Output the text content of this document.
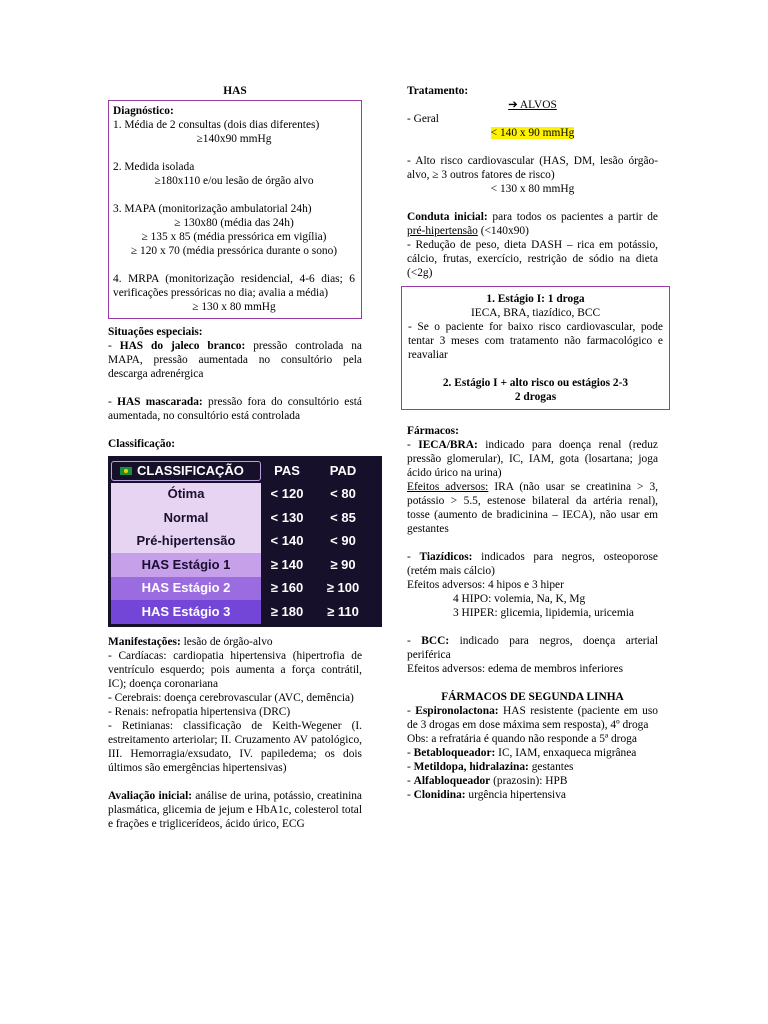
HAS

Diagnóstico:

1. Média de 2 consultas (dois dias diferentes)

≥140x90 mmHg

2. Medida isolada

≥180x110 e/ou lesão de órgão alvo

3. MAPA (monitorização ambulatorial 24h)

≥ 130x80 (média das 24h)

≥ 135 x 85 (média pressórica em vigília)

≥ 120 x 70 (média pressórica durante o sono)

4. MRPA (monitorização residencial, 4-6 dias; 6 verificações pressóricas no dia; avalia a média)

≥ 130 x 80 mmHg

Situações especiais:

- HAS do jaleco branco: pressão controlada na MAPA, pressão aumentada no consultório pela descarga adrenérgica

- HAS mascarada: pressão fora do consultório está aumentada, no consultório está controlada

Classificação:

CLASSIFICAÇÃO	PAS	PAD
Ótima	< 120	< 80
Normal	< 130	< 85
Pré-hipertensão	< 140	< 90
HAS Estágio 1	≥ 140	≥ 90
HAS Estágio 2	≥ 160	≥ 100
HAS Estágio 3	≥ 180	≥ 110

Manifestações: lesão de órgão-alvo

- Cardíacas: cardiopatia hipertensiva (hipertrofia de ventrículo esquerdo; pois aumenta a força contrátil, IC); doença coronariana

- Cerebrais: doença cerebrovascular (AVC, demência)

- Renais: nefropatia hipertensiva (DRC)

- Retinianas: classificação de Keith-Wegener (I. estreitamento arteriolar; II. Cruzamento AV patológico, III. Hemorragia/exsudato, IV. papiledema; os dois últimos são emergências hipertensivas)

Avaliação inicial: análise de urina, potássio, creatinina plasmática, glicemia de jejum e HbA1c, colesterol total e frações e triglicerídeos, ácido úrico, ECG

Tratamento:

➔ ALVOS

- Geral

< 140 x 90 mmHg

- Alto risco cardiovascular (HAS, DM, lesão órgão-alvo, ≥ 3 outros fatores de risco)

< 130 x 80 mmHg

Conduta inicial: para todos os pacientes a partir de pré-hipertensão (<140x90)

- Redução de peso, dieta DASH – rica em potássio, cálcio, frutas, exercício, restrição de sódio na dieta (<2g)

1. Estágio I: 1 droga

IECA, BRA, tiazídico, BCC

- Se o paciente for baixo risco cardiovascular, pode tentar 3 meses com tratamento não farmacológico e reavaliar

2. Estágio I + alto risco ou estágios 2-3

2 drogas

Fármacos:

- IECA/BRA: indicado para doença renal (reduz pressão glomerular), IC, IAM, gota (losartana; joga ácido úrico na urina)

Efeitos adversos: IRA (não usar se creatinina > 3, potássio > 5.5, estenose bilateral da artéria renal), tosse (aumento de bradicinina – IECA), não usar em gestantes

- Tiazídicos: indicados para negros, osteoporose (retém mais cálcio)

Efeitos adversos: 4 hipos e 3 hiper

4 HIPO: volemia, Na, K, Mg

3 HIPER: glicemia, lipidemia, uricemia

- BCC: indicado para negros, doença arterial periférica

Efeitos adversos: edema de membros inferiores

FÁRMACOS DE SEGUNDA LINHA

- Espironolactona: HAS resistente (paciente em uso de 3 drogas em dose máxima sem resposta), 4º droga

Obs: a refratária é quando não responde a 5ª droga

- Betabloqueador: IC, IAM, enxaqueca migrânea

- Metildopa, hidralazina: gestantes

- Alfabloqueador (prazosin): HPB

- Clonidina: urgência hipertensiva
